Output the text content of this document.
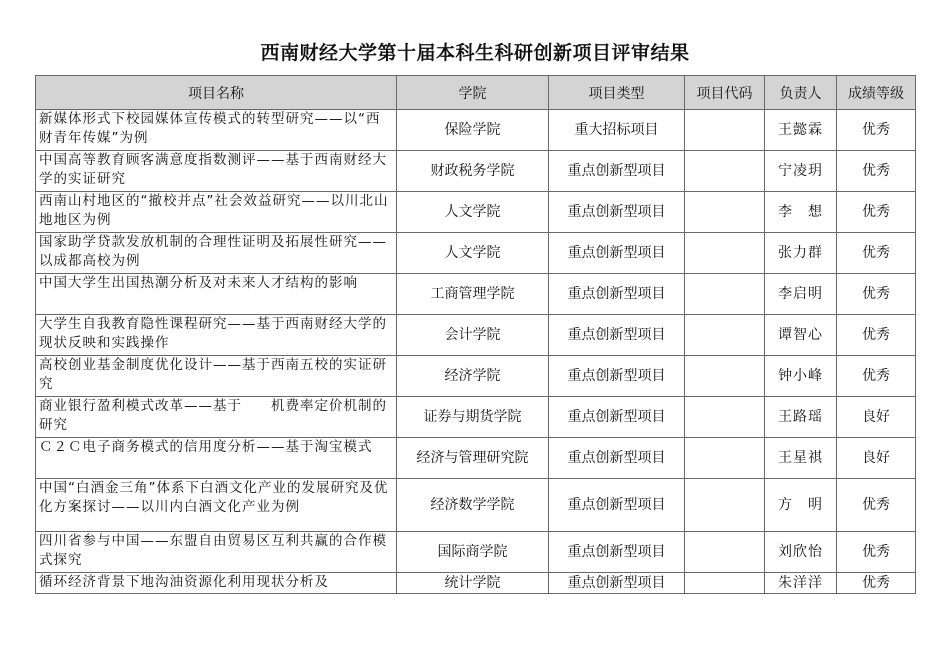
西南财经大学第十届本科生科研创新项目评审结果
项目名称	学院	项目类型	项目代码	负责人	成绩等级
新媒体形式下校园媒体宣传模式的转型研究——以“西财青年传媒”为例	保险学院	重大招标项目		王懿霖	优秀
中国高等教育顾客满意度指数测评——基于西南财经大学的实证研究	财政税务学院	重点创新型项目		宁凌玥	优秀
西南山村地区的“撤校并点”社会效益研究——以川北山地地区为例	人文学院	重点创新型项目		李　想	优秀
国家助学贷款发放机制的合理性证明及拓展性研究——以成都高校为例	人文学院	重点创新型项目		张力群	优秀
中国大学生出国热潮分析及对未来人才结构的影响	工商管理学院	重点创新型项目		李启明	优秀
大学生自我教育隐性课程研究——基于西南财经大学的现状反映和实践操作	会计学院	重点创新型项目		谭智心	优秀
高校创业基金制度优化设计——基于西南五校的实证研究	经济学院	重点创新型项目		钟小峰	优秀
商业银行盈利模式改革——基于　　机费率定价机制的研究	证券与期货学院	重点创新型项目		王路瑶	良好
Ｃ２Ｃ电子商务模式的信用度分析——基于淘宝模式	经济与管理研究院	重点创新型项目		王星祺	良好
中国“白酒金三角”体系下白酒文化产业的发展研究及优化方案探讨——以川内白酒文化产业为例	经济数学学院	重点创新型项目		方　明	优秀
四川省参与中国——东盟自由贸易区互利共赢的合作模式探究	国际商学院	重点创新型项目		刘欣怡	优秀
循环经济背景下地沟油资源化利用现状分析及	统计学院	重点创新型项目		朱洋洋	优秀
